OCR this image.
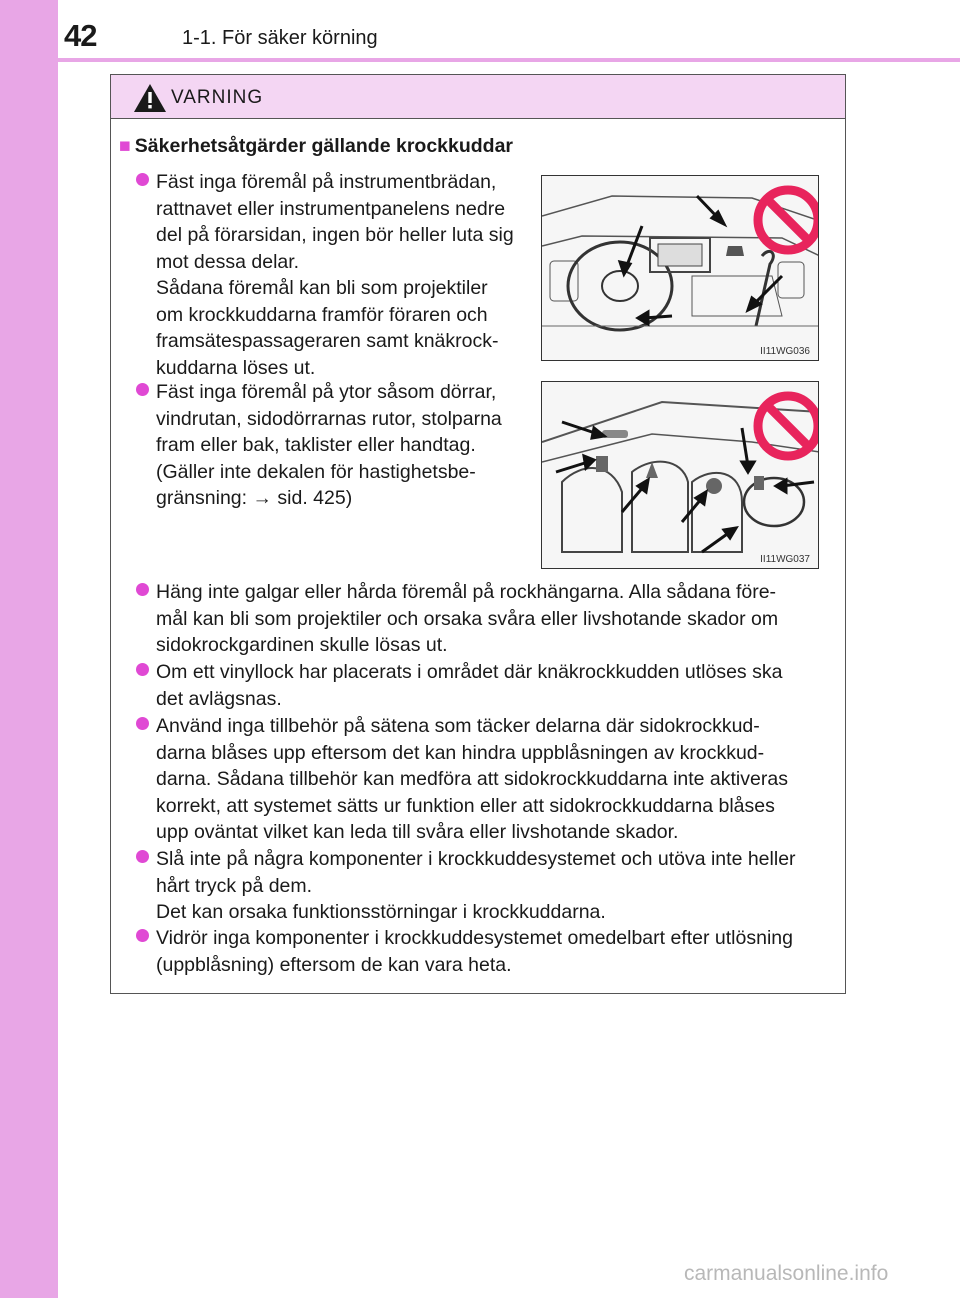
42	1-1. För säker körning
VARNING
■ Säkerhetsåtgärder gällande krockkuddar
Fäst inga föremål på instrumentbrädan,
rattnavet eller instrumentpanelens nedre
del på förarsidan, ingen bör heller luta sig
mot dessa delar.
Sådana föremål kan bli som projektiler
om krockkuddarna framför föraren och
framsätespassageraren samt knäkrock-
kuddarna löses ut.
II11WG036
Fäst inga föremål på ytor såsom dörrar,
vindrutan, sidodörrarnas rutor, stolparna
fram eller bak, taklister eller handtag.
(Gäller inte dekalen för hastighetsbe-
gränsning: → sid. 425)
II11WG037
Häng inte galgar eller hårda föremål på rockhängarna. Alla sådana före-
mål kan bli som projektiler och orsaka svåra eller livshotande skador om
sidokrockgardinen skulle lösas ut.
Om ett vinyllock har placerats i området där knäkrockkudden utlöses ska
det avlägsnas.
Använd inga tillbehör på sätena som täcker delarna där sidokrockkud-
darna blåses upp eftersom det kan hindra uppblåsningen av krockkud-
darna. Sådana tillbehör kan medföra att sidokrockkuddarna inte aktiveras
korrekt, att systemet sätts ur funktion eller att sidokrockkuddarna blåses
upp oväntat vilket kan leda till svåra eller livshotande skador.
Slå inte på några komponenter i krockkuddesystemet och utöva inte heller
hårt tryck på dem.
Det kan orsaka funktionsstörningar i krockkuddarna.
Vidrör inga komponenter i krockkuddesystemet omedelbart efter utlösning
(uppblåsning) eftersom de kan vara heta.
carmanualsonline.info
